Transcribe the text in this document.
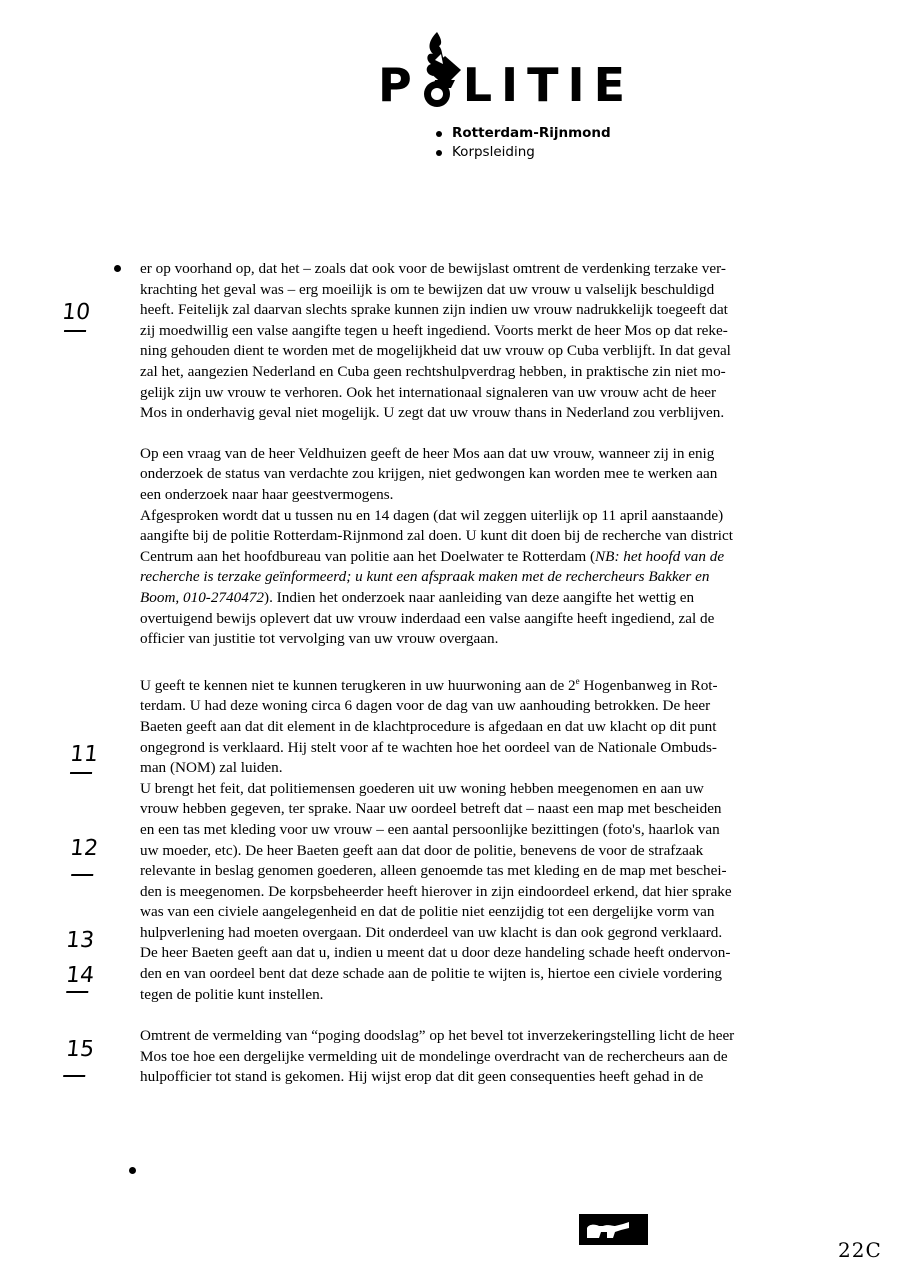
P LITIE
Rotterdam-Rijnmond
Korpsleiding
10
11
12
13
14
15

er op voorhand op, dat het – zoals dat ook voor de bewijslast omtrent de verdenking terzake ver-

krachting het geval was – erg moeilijk is om te bewijzen dat uw vrouw u valselijk beschuldigd

heeft. Feitelijk zal daarvan slechts sprake kunnen zijn indien uw vrouw nadrukkelijk toegeeft dat

zij moedwillig een valse aangifte tegen u heeft ingediend. Voorts merkt de heer Mos op dat reke-

ning gehouden dient te worden met de mogelijkheid dat uw vrouw op Cuba verblijft. In dat geval

zal het, aangezien Nederland en Cuba geen rechtshulpverdrag hebben, in praktische zin niet mo-

gelijk zijn uw vrouw te verhoren. Ook het internationaal signaleren van uw vrouw acht de heer

Mos in onderhavig geval niet mogelijk. U zegt dat uw vrouw thans in Nederland zou verblijven.

Op een vraag van de heer Veldhuizen geeft de heer Mos aan dat uw vrouw, wanneer zij in enig

onderzoek de status van verdachte zou krijgen, niet gedwongen kan worden mee te werken aan

een onderzoek naar haar geestvermogens.

Afgesproken wordt dat u tussen nu en 14 dagen (dat wil zeggen uiterlijk op 11 april aanstaande)

aangifte bij de politie Rotterdam-Rijnmond zal doen. U kunt dit doen bij de recherche van district

Centrum aan het hoofdbureau van politie aan het Doelwater te Rotterdam (NB: het hoofd van de

recherche is terzake geïnformeerd; u kunt een afspraak maken met de rechercheurs Bakker en

Boom, 010-2740472). Indien het onderzoek naar aanleiding van deze aangifte het wettig en

overtuigend bewijs oplevert dat uw vrouw inderdaad een valse aangifte heeft ingediend, zal de

officier van justitie tot vervolging van uw vrouw overgaan.

U geeft te kennen niet te kunnen terugkeren in uw huurwoning aan de 2e Hogenbanweg in Rot-

terdam. U had deze woning circa 6 dagen voor de dag van uw aanhouding betrokken. De heer

Baeten geeft aan dat dit element in de klachtprocedure is afgedaan en dat uw klacht op dit punt

ongegrond is verklaard. Hij stelt voor af te wachten hoe het oordeel van de Nationale Ombuds-

man (NOM) zal luiden.

U brengt het feit, dat politiemensen goederen uit uw woning hebben meegenomen en aan uw

vrouw hebben gegeven, ter sprake. Naar uw oordeel betreft dat – naast een map met bescheiden

en een tas met kleding voor uw vrouw – een aantal persoonlijke bezittingen (foto's, haarlok van

uw moeder, etc). De heer Baeten geeft aan dat door de politie, benevens de voor de strafzaak

relevante in beslag genomen goederen, alleen genoemde tas met kleding en de map met beschei-

den is meegenomen. De korpsbeheerder heeft hierover in zijn eindoordeel erkend, dat hier sprake

was van een civiele aangelegenheid en dat de politie niet eenzijdig tot een dergelijke vorm van

hulpverlening had moeten overgaan. Dit onderdeel van uw klacht is dan ook gegrond verklaard.

De heer Baeten geeft aan dat u, indien u meent dat u door deze handeling schade heeft ondervon-

den en van oordeel bent dat deze schade aan de politie te wijten is, hiertoe een civiele vordering

tegen de politie kunt instellen.

Omtrent de vermelding van “poging doodslag” op het bevel tot inverzekeringstelling licht de heer

Mos toe hoe een dergelijke vermelding uit de mondelinge overdracht van de rechercheurs aan de

hulpofficier tot stand is gekomen. Hij wijst erop dat dit geen consequenties heeft gehad in de

22C
